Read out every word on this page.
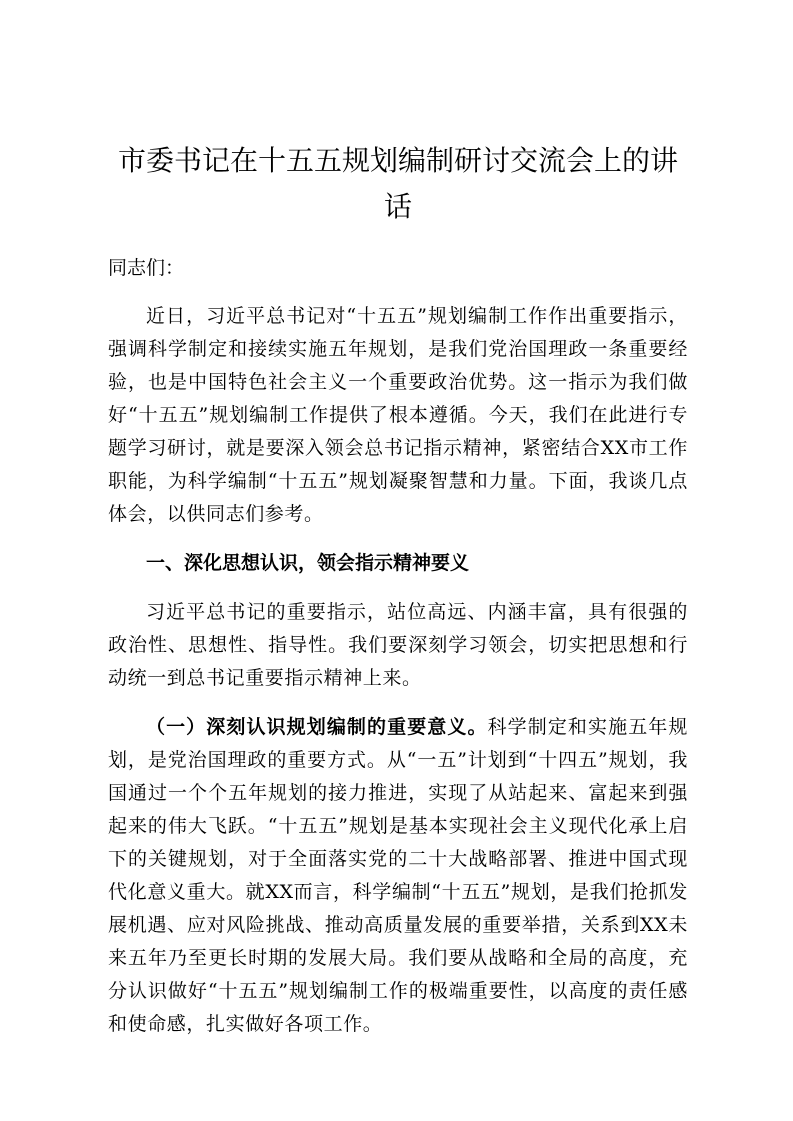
市委书记在十五五规划编制研讨交流会上的讲话

同志们：

近日，习近平总书记对“十五五”规划编制工作作出重要指示，强调科学制定和接续实施五年规划，是我们党治国理政一条重要经验，也是中国特色社会主义一个重要政治优势。这一指示为我们做好“十五五”规划编制工作提供了根本遵循。今天，我们在此进行专题学习研讨，就是要深入领会总书记指示精神，紧密结合XX市工作职能，为科学编制“十五五”规划凝聚智慧和力量。下面，我谈几点体会，以供同志们参考。

一、深化思想认识，领会指示精神要义

习近平总书记的重要指示，站位高远、内涵丰富，具有很强的政治性、思想性、指导性。我们要深刻学习领会，切实把思想和行动统一到总书记重要指示精神上来。

（一）深刻认识规划编制的重要意义。科学制定和实施五年规划，是党治国理政的重要方式。从“一五”计划到“十四五”规划，我国通过一个个五年规划的接力推进，实现了从站起来、富起来到强起来的伟大飞跃。“十五五”规划是基本实现社会主义现代化承上启下的关键规划，对于全面落实党的二十大战略部署、推进中国式现代化意义重大。就XX而言，科学编制“十五五”规划，是我们抢抓发展机遇、应对风险挑战、推动高质量发展的重要举措，关系到XX未来五年乃至更长时期的发展大局。我们要从战略和全局的高度，充分认识做好“十五五”规划编制工作的极端重要性，以高度的责任感和使命感，扎实做好各项工作。
